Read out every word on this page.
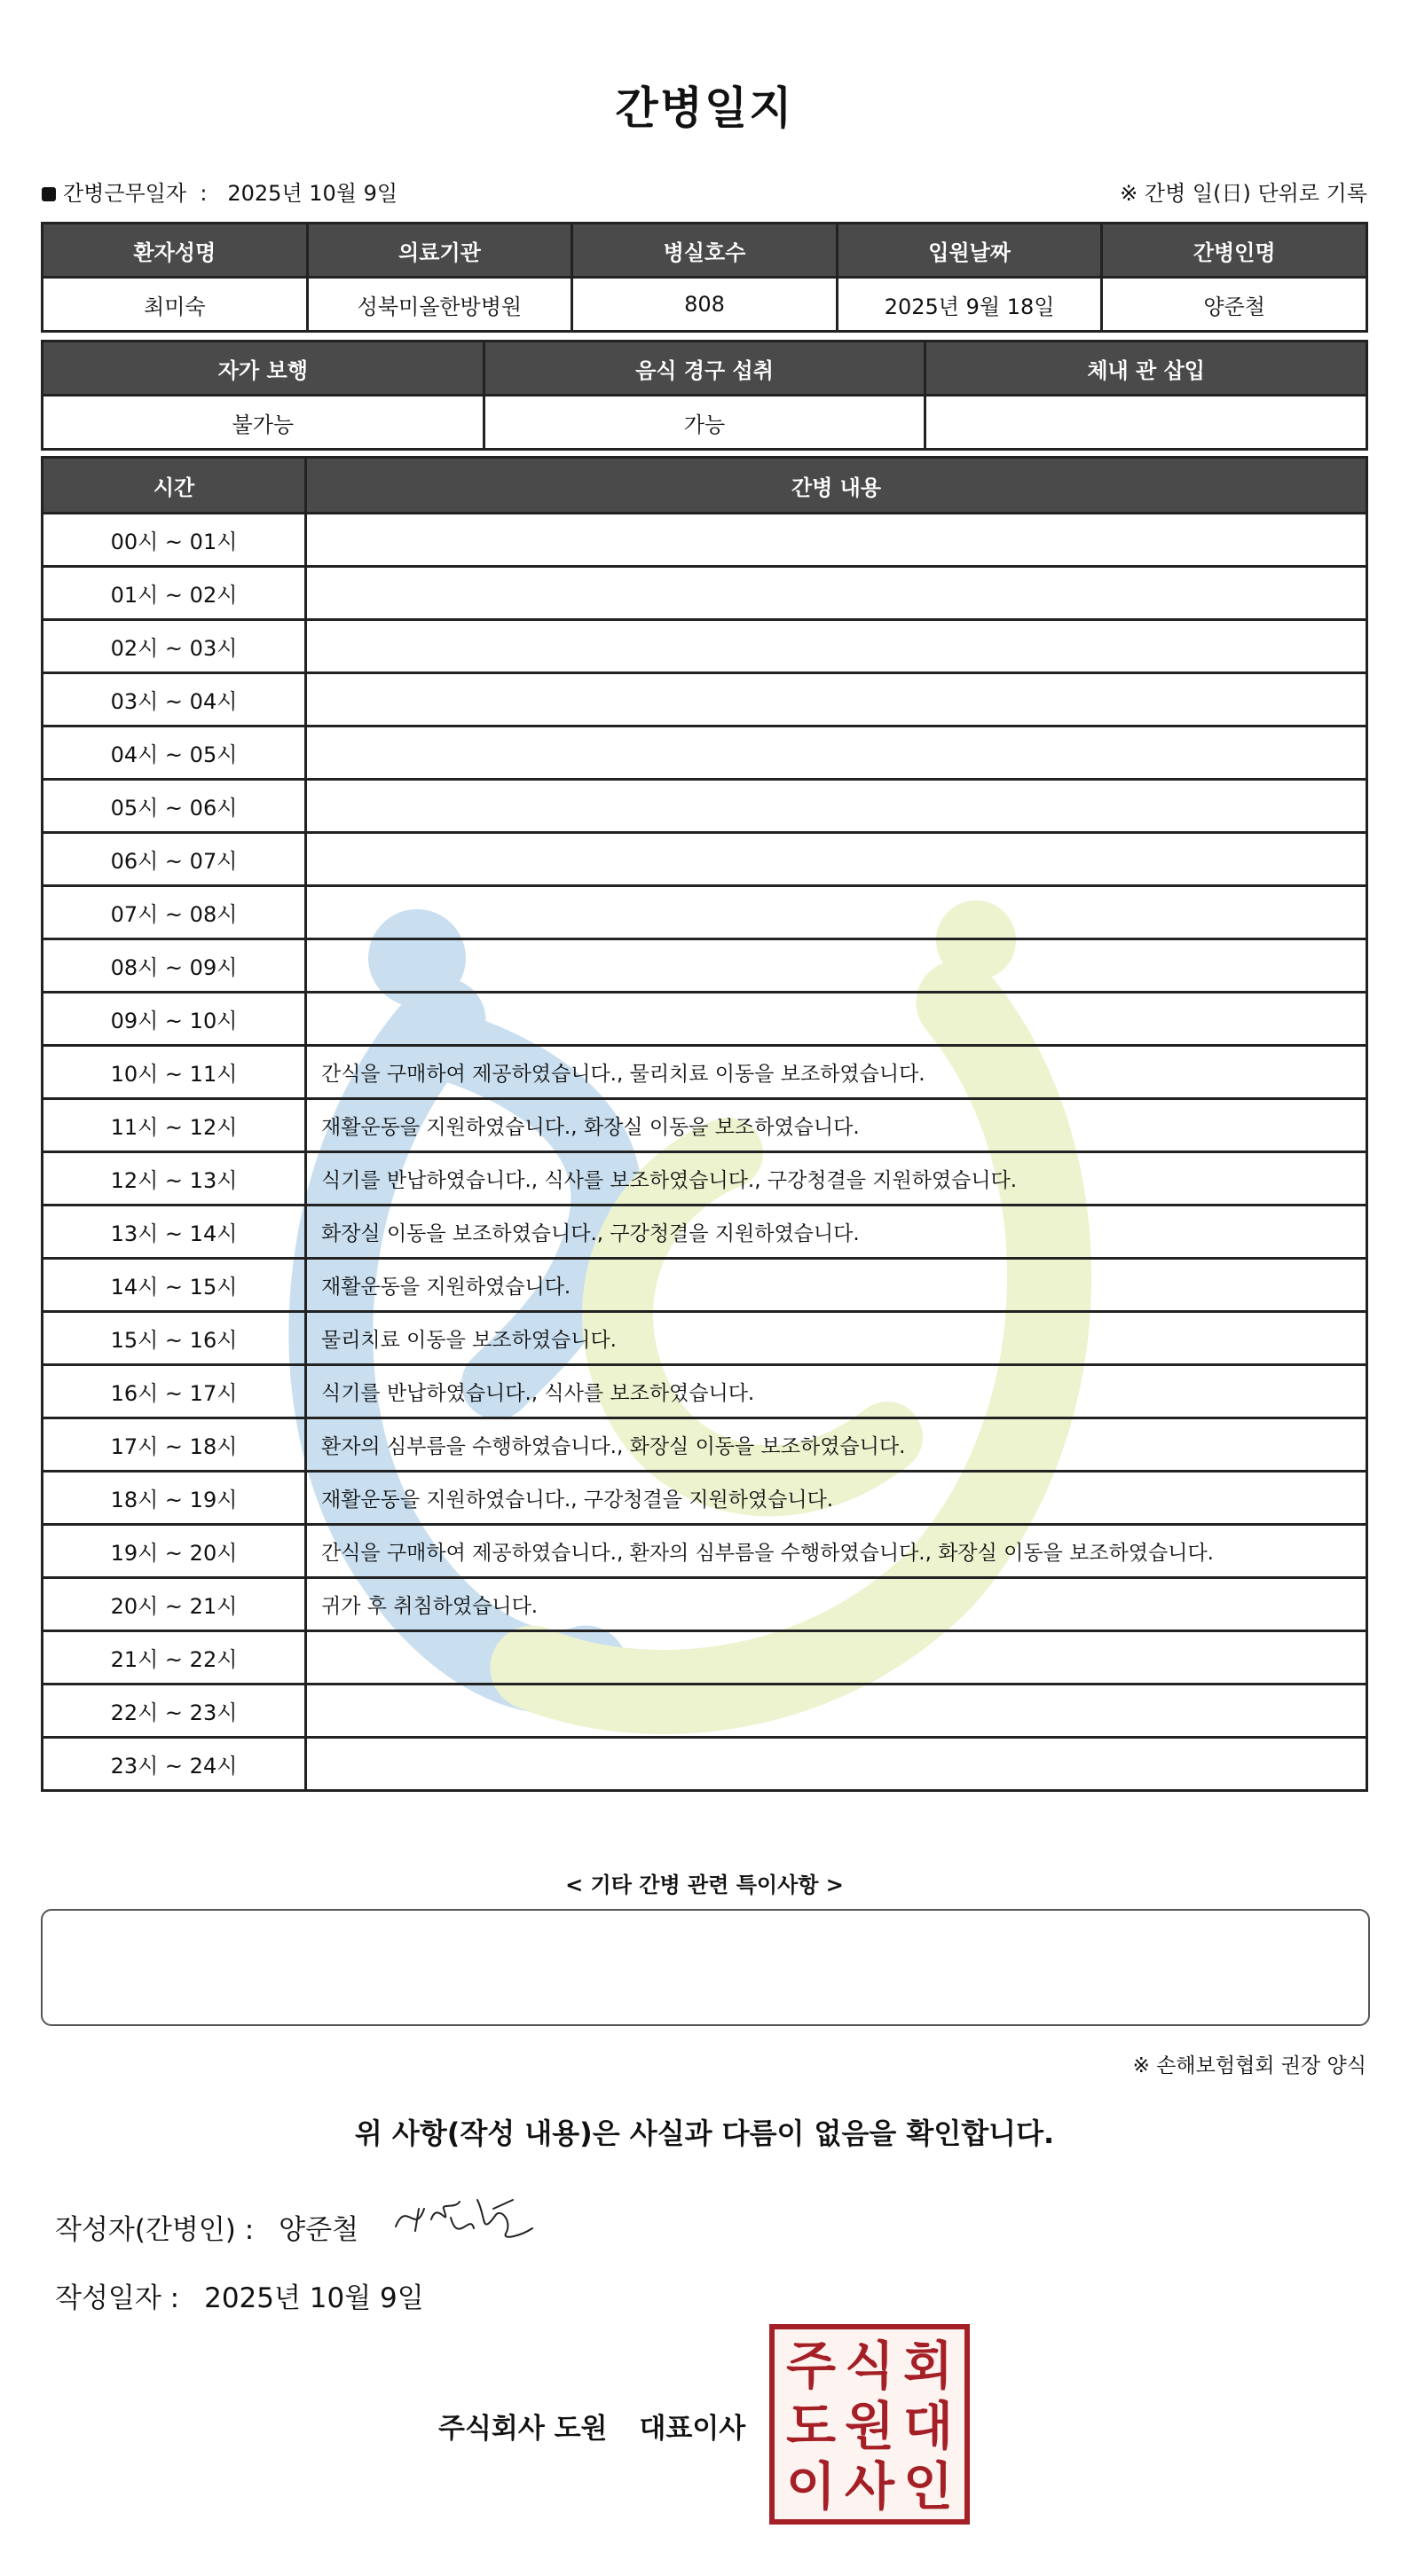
간병일지
간병근무일자 : 2025년 10월 9일	※ 간병 일(日) 단위로 기록
환자성명	의료기관	병실호수	입원날짜	간병인명
최미숙	성북미올한방병원	808	2025년 9월 18일	양준철
자가 보행	음식 경구 섭취	체내 관 삽입
불가능	가능	
시간	간병 내용
00시 ~ 01시	
01시 ~ 02시	
02시 ~ 03시	
03시 ~ 04시	
04시 ~ 05시	
05시 ~ 06시	
06시 ~ 07시	
07시 ~ 08시	
08시 ~ 09시	
09시 ~ 10시	
10시 ~ 11시	간식을 구매하여 제공하였습니다., 물리치료 이동을 보조하였습니다.
11시 ~ 12시	재활운동을 지원하였습니다., 화장실 이동을 보조하였습니다.
12시 ~ 13시	식기를 반납하였습니다., 식사를 보조하였습니다., 구강청결을 지원하였습니다.
13시 ~ 14시	화장실 이동을 보조하였습니다., 구강청결을 지원하였습니다.
14시 ~ 15시	재활운동을 지원하였습니다.
15시 ~ 16시	물리치료 이동을 보조하였습니다.
16시 ~ 17시	식기를 반납하였습니다., 식사를 보조하였습니다.
17시 ~ 18시	환자의 심부름을 수행하였습니다., 화장실 이동을 보조하였습니다.
18시 ~ 19시	재활운동을 지원하였습니다., 구강청결을 지원하였습니다.
19시 ~ 20시	간식을 구매하여 제공하였습니다., 환자의 심부름을 수행하였습니다., 화장실 이동을 보조하였습니다.
20시 ~ 21시	귀가 후 취침하였습니다.
21시 ~ 22시	
22시 ~ 23시	
23시 ~ 24시	
< 기타 간병 관련 특이사항 >
※ 손해보험협회 권장 양식
위 사항(작성 내용)은 사실과 다름이 없음을 확인합니다.
작성자(간병인) : 양준철
작성일자 : 2025년 10월 9일
주식회사 도원 대표이사
주 식 회
도 원 대
이 사 인
